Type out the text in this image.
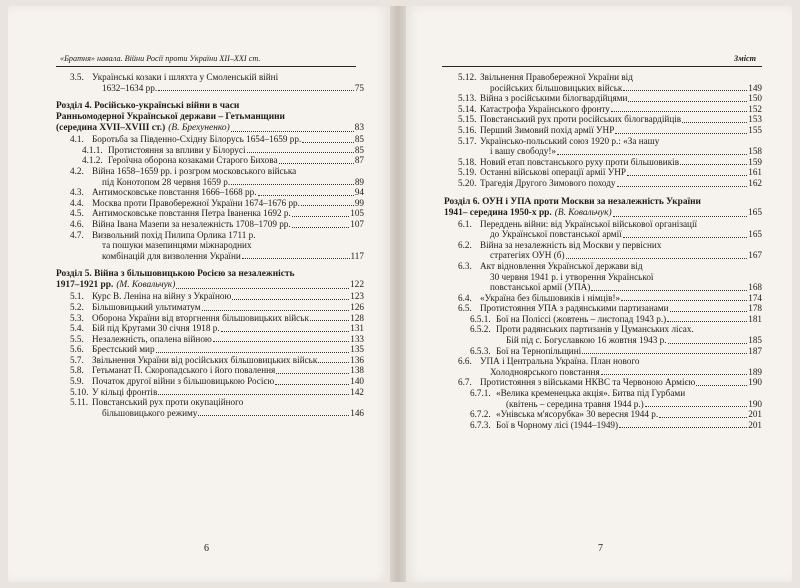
«Братня» навала. Війни Росії проти України ХІІ–ХХІ ст.
3.5. Українські козаки і шляхта у Смоленській війні
1632–1634 рр.	75
Розділ 4. Російсько-українські війни в часи
Ранньомодерної Української держави – Гетьманщини
(середина XVII–XVIII ст.) (В. Брехуненко)	83
4.1. Боротьба за Південно-Східну Білорусь 1654–1659 рр.	85
4.1.1. Протистояння за впливи у Білорусі	85
4.1.2. Героїчна оборона козаками Старого Бихова	87
4.2. Війна 1658–1659 рр. і розгром московського війська
під Конотопом 28 червня 1659 р.	89
4.3. Антимосковське повстання 1666–1668 рр.	94
4.4. Москва проти Правобережної України 1674–1676 рр.	99
4.5. Антимосковське повстання Петра Іваненка 1692 р.	105
4.6. Війна Івана Мазепи за незалежність 1708–1709 рр.	107
4.7. Визвольний похід Пилипа Орлика 1711 р.
та пошуки мазепинцями міжнародних
комбінацій для визволення України	117
Розділ 5. Війна з більшовицькою Росією за незалежність
1917–1921 рр. (М. Ковальчук)	122
5.1. Курс В. Леніна на війну з Україною	123
5.2. Більшовицький ультиматум	126
5.3. Оборона України від вторгнення більшовицьких військ	128
5.4. Бій під Крутами 30 січня 1918 р.	131
5.5. Незалежність, опалена війною	133
5.6. Брестський мир	135
5.7. Звільнення України від російських більшовицьких військ	136
5.8. Гетьманат П. Скоропадського і його повалення	138
5.9. Початок другої війни з більшовицькою Росією	140
5.10. У кільці фронтів	142
5.11. Повстанський рух проти окупаційного
більшовицького режиму	146
6
Зміст
5.12. Звільнення Правобережної України від
російських більшовицьких військ	149
5.13. Війна з російськими білогвардійцями	150
5.14. Катастрофа Українського фронту	152
5.15. Повстанський рух проти російських білогвардійців	153
5.16. Перший Зимовий похід армії УНР	155
5.17. Українсько-польський союз 1920 р.: «За нашу
і вашу свободу!»	158
5.18. Новий етап повстанського руху проти більшовиків	159
5.19. Останні військові операції армії УНР	161
5.20. Трагедія Другого Зимового походу	162
Розділ 6. ОУН і УПА проти Москви за незалежність України
1941– середина 1950-х рр. (В. Ковальчук)	165
6.1. Переддень війни: від Української військової організації
до Української повстанської армії	165
6.2. Війна за незалежність від Москви у первісних
стратегіях ОУН (б)	167
6.3. Акт відновлення Української держави від
30 червня 1941 р. і утворення Української
повстанської армії (УПА)	168
6.4. «Україна без більшовиків і німців!»	174
6.5. Протистояння УПА з радянськими партизанами	178
6.5.1. Бої на Поліссі (жовтень – листопад 1943 р.)	181
6.5.2. Проти радянських партизанів у Цуманських лісах.
Бій під с. Богуславкою 16 жовтня 1943 р.	185
6.5.3. Бої на Тернопільщині	187
6.6. УПА і Центральна Україна. План нового
Холодноярського повстання	189
6.7. Протистояння з військами НКВС та Червоною Армією	190
6.7.1. «Велика кременецька акція». Битва під Гурбами
(квітень – середина травня 1944 р.)	190
6.7.2. «Унівська м'ясорубка» 30 вересня 1944 р.	201
6.7.3. Бої в Чорному лісі (1944–1949)	201
7
